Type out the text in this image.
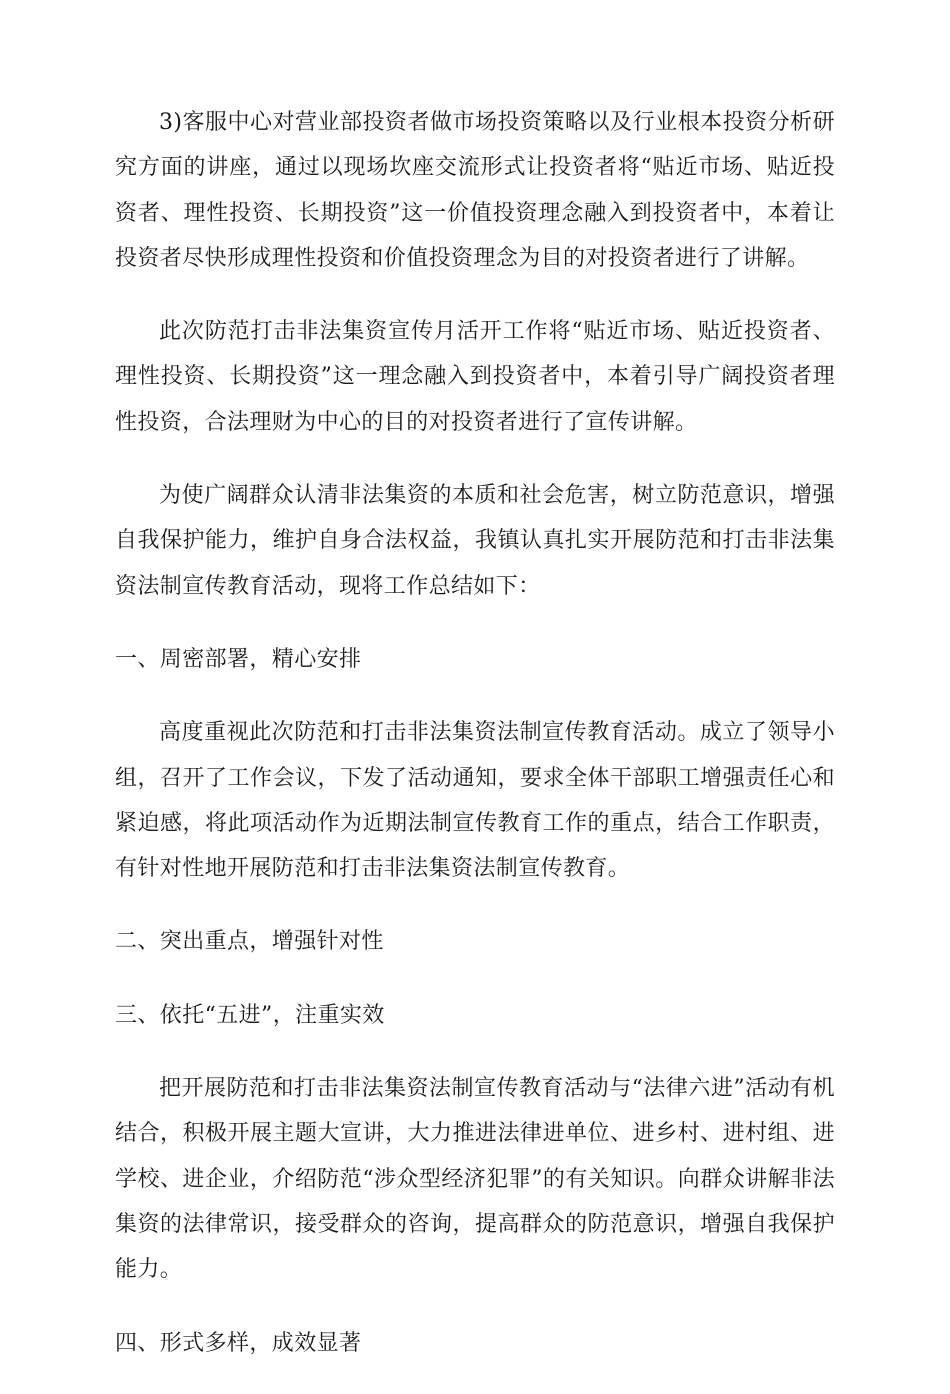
3)客服中心对营业部投资者做市场投资策略以及行业根本投资分析研究方面的讲座，通过以现场坎座交流形式让投资者将“贴近市场、贴近投资者、理性投资、长期投资”这一价值投资理念融入到投资者中，本着让投资者尽快形成理性投资和价值投资理念为目的对投资者进行了讲解。

此次防范打击非法集资宣传月活开工作将“贴近市场、贴近投资者、理性投资、长期投资”这一理念融入到投资者中，本着引导广阔投资者理性投资，合法理财为中心的目的对投资者进行了宣传讲解。

为使广阔群众认清非法集资的本质和社会危害，树立防范意识，增强自我保护能力，维护自身合法权益，我镇认真扎实开展防范和打击非法集资法制宣传教育活动，现将工作总结如下：

一、周密部署，精心安排

高度重视此次防范和打击非法集资法制宣传教育活动。成立了领导小组，召开了工作会议，下发了活动通知，要求全体干部职工增强责任心和紧迫感，将此项活动作为近期法制宣传教育工作的重点，结合工作职责，有针对性地开展防范和打击非法集资法制宣传教育。

二、突出重点，增强针对性

三、依托“五进”，注重实效

把开展防范和打击非法集资法制宣传教育活动与“法律六进”活动有机结合，积极开展主题大宣讲，大力推进法律进单位、进乡村、进村组、进学校、进企业，介绍防范“涉众型经济犯罪”的有关知识。向群众讲解非法集资的法律常识，接受群众的咨询，提高群众的防范意识，增强自我保护能力。

四、形式多样，成效显著
